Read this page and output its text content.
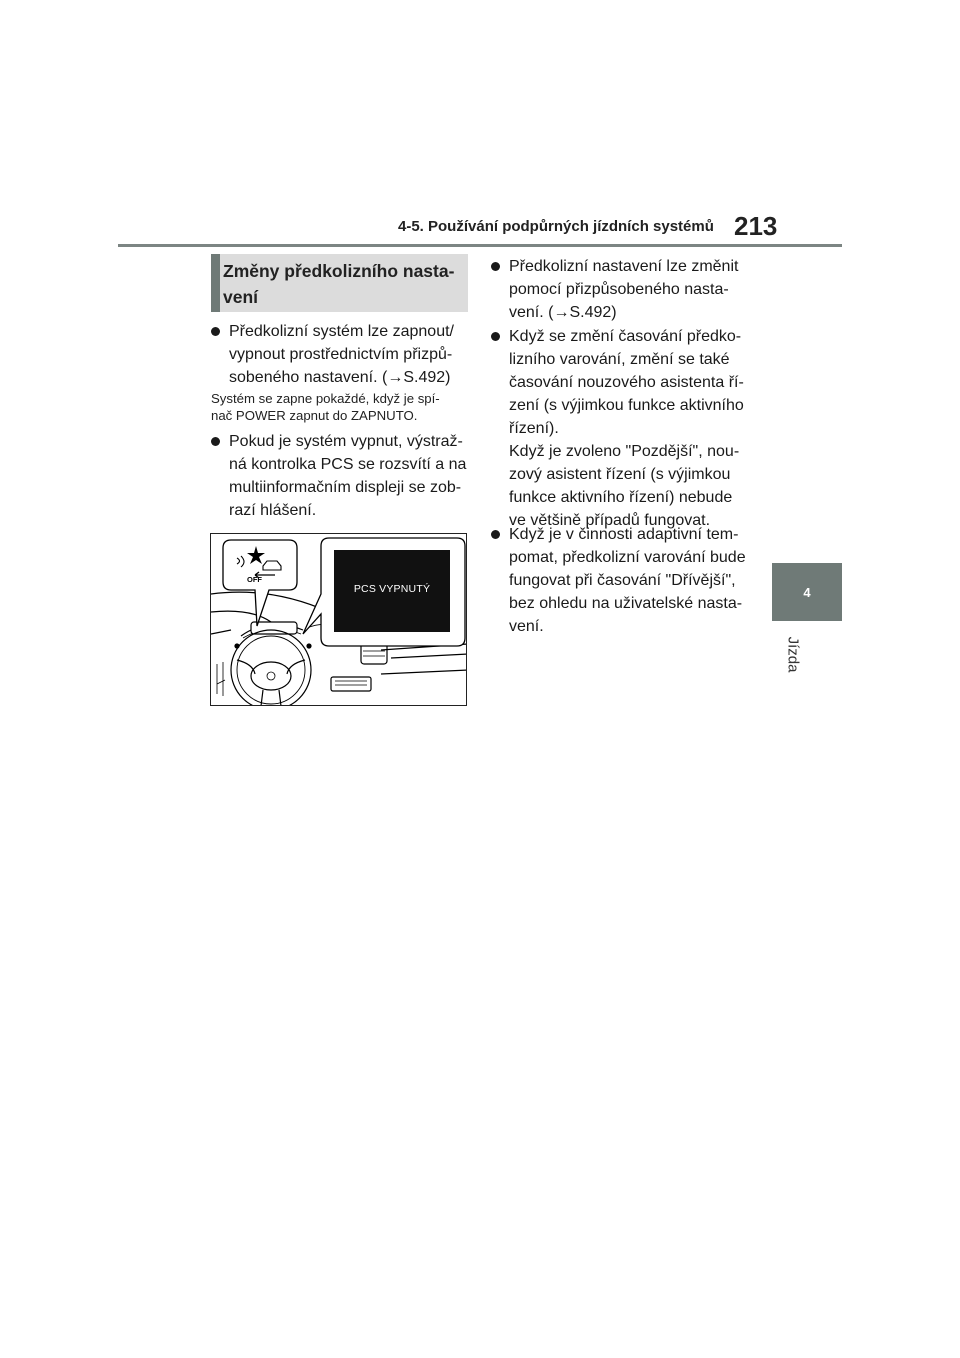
4-5. Používání podpůrných jízdních systémů 213
4
Jízda
Změny předkolizního nasta-
vení
Předkolizní systém lze zapnout/
vypnout prostřednictvím přizpů-
sobeného nastavení. (→S.492)
Systém se zapne pokaždé, když je spí-
nač POWER zapnut do ZAPNUTO.
Pokud je systém vypnut, výstraž-
ná kontrolka PCS se rozsvítí a na
multiinformačním displeji se zob-
razí hlášení.
OFF
PCS VYPNUTÝ
Předkolizní nastavení lze změnit
pomocí přizpůsobeného nasta-
vení. (→S.492)
Když se změní časování předko-
lizního varování, změní se také
časování nouzového asistenta ří-
zení (s výjimkou funkce aktivního
řízení).
Když je zvoleno "Pozdější", nou-
zový asistent řízení (s výjimkou
funkce aktivního řízení) nebude
ve většině případů fungovat.
Když je v činnosti adaptivní tem-
pomat, předkolizní varování bude
fungovat při časování "Dřívější",
bez ohledu na uživatelské nasta-
vení.
